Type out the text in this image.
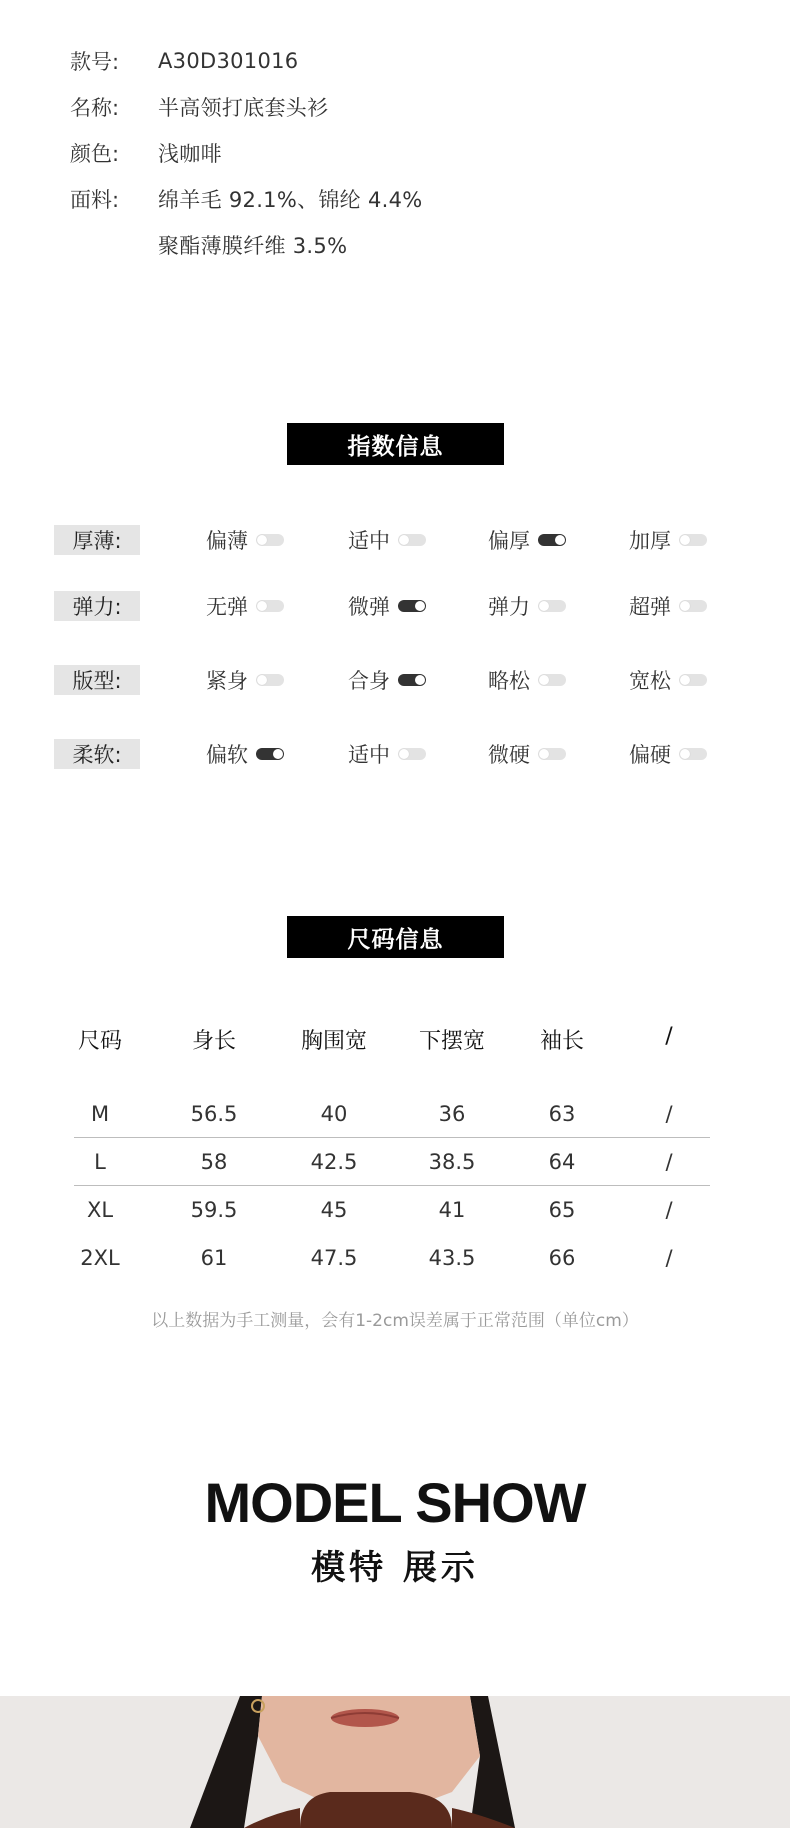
款号:	A30D301016
名称:	半高领打底套头衫
颜色:	浅咖啡
面料:	绵羊毛 92.1%、锦纶 4.4%
聚酯薄膜纤维 3.5%
指数信息
厚薄:	偏薄	适中	偏厚	加厚
弹力:	无弹	微弹	弹力	超弹
版型:	紧身	合身	略松	宽松
柔软:	偏软	适中	微硬	偏硬
尺码信息
尺码	身长	胸围宽	下摆宽	袖长	/
M	56.5	40	36	63	/
L	58	42.5	38.5	64	/
XL	59.5	45	41	65	/
2XL	61	47.5	43.5	66	/
以上数据为手工测量，会有1-2cm误差属于正常范围（单位cm）
MODEL SHOW
模特 展示
